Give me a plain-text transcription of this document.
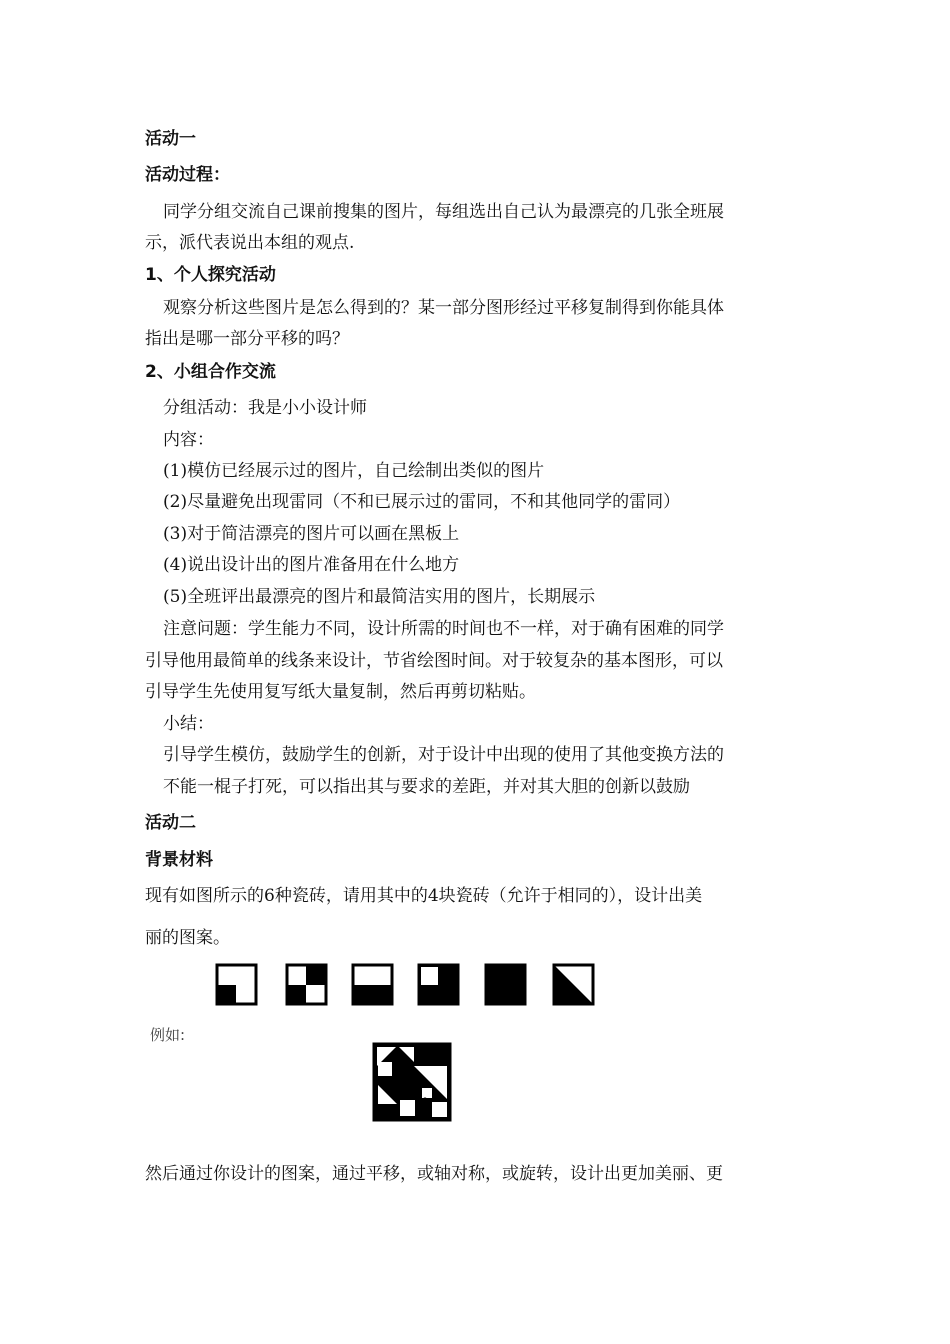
活动一
活动过程：
同学分组交流自己课前搜集的图片，每组选出自己认为最漂亮的几张全班展
示，派代表说出本组的观点.
1、个人探究活动
观察分析这些图片是怎么得到的？某一部分图形经过平移复制得到你能具体
指出是哪一部分平移的吗？
2、小组合作交流
分组活动：我是小小设计师
内容：
(1)模仿已经展示过的图片，自己绘制出类似的图片
(2)尽量避免出现雷同（不和已展示过的雷同，不和其他同学的雷同）
(3)对于简洁漂亮的图片可以画在黑板上
(4)说出设计出的图片准备用在什么地方
(5)全班评出最漂亮的图片和最简洁实用的图片，长期展示
注意问题：学生能力不同，设计所需的时间也不一样，对于确有困难的同学
引导他用最简单的线条来设计，节省绘图时间。对于较复杂的基本图形，可以
引导学生先使用复写纸大量复制，然后再剪切粘贴。
小结：
引导学生模仿，鼓励学生的创新，对于设计中出现的使用了其他变换方法的
不能一棍子打死，可以指出其与要求的差距，并对其大胆的创新以鼓励
活动二
背景材料
现有如图所示的6种瓷砖，请用其中的4块瓷砖（允许于相同的），设计出美
丽的图案。
例如:
然后通过你设计的图案，通过平移，或轴对称，或旋转，设计出更加美丽、更
